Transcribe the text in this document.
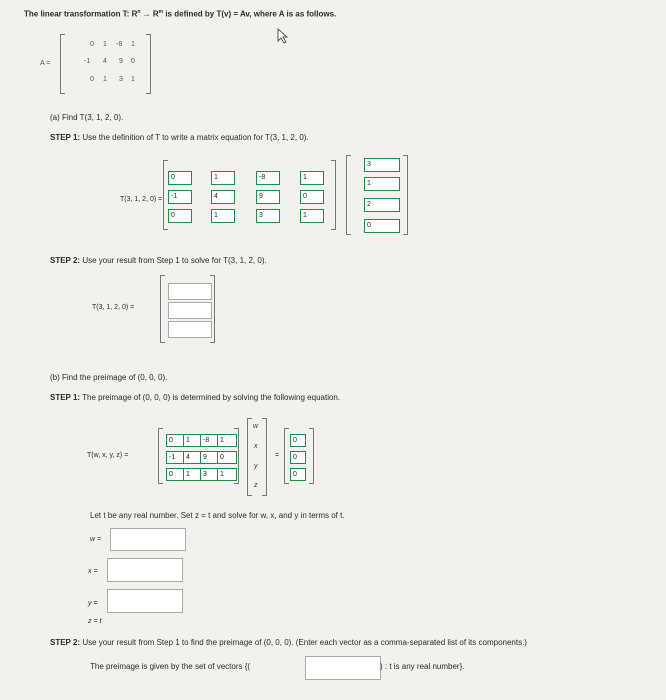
The linear transformation T: $R^n \to R^m$ is defined by T(v) = Av, where A is as follows.
A =
0 1 -8 1
-1 4 9 0
0 1 3 1
(a) Find T(3, 1, 2, 0).
STEP 1: Use the definition of T to write a matrix equation for T(3, 1, 2, 0).
T(3, 1, 2, 0) =
0
1
-8
1
-1
4
9
0
0
1
3
1
3
1
2
0
STEP 2: Use your result from Step 1 to solve for T(3, 1, 2, 0).
T(3, 1, 2, 0) =
(b) Find the preimage of (0, 0, 0).
STEP 1: The preimage of (0, 0, 0) is determined by solving the following equation.
T(w, x, y, z) =
0
1
-8
1
-1
4
9
0
0
1
3
1
w
x
y
z
=
0
0
0
Let t be any real number. Set z = t and solve for w, x, and y in terms of t.
w =
x =
y =
z = t
STEP 2: Use your result from Step 1 to find the preimage of (0, 0, 0). (Enter each vector as a comma-separated list of its components.)
The preimage is given by the set of vectors {(	) : t is any real number}.
